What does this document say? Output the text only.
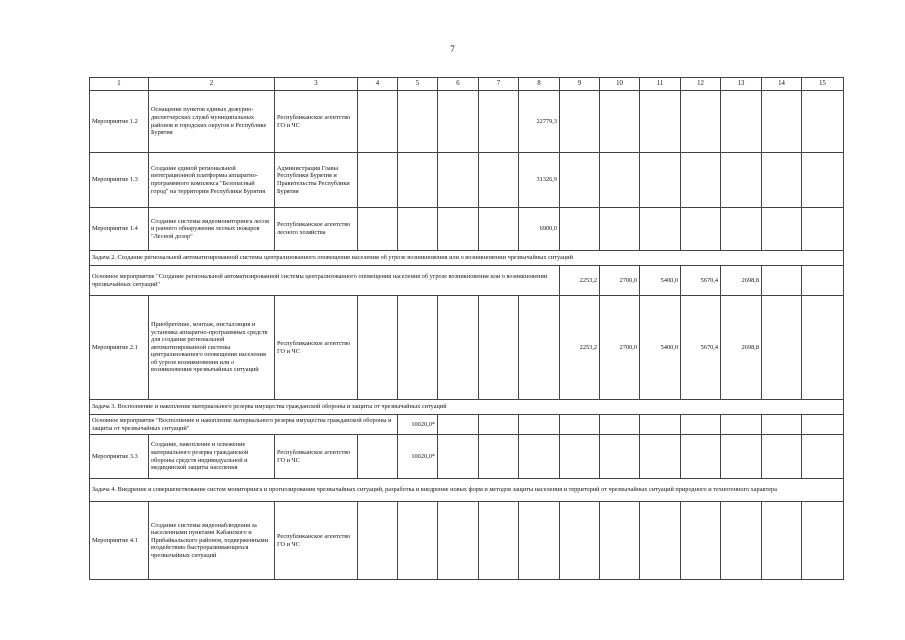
7
1	2	3	4	5	6	7	8	9	10	11	12	13	14	15
Мероприятие 1.2	Оснащение пунктов единых дежурно-диспетчерских служб муниципальных районов и городских округов в Республике Бурятия	Республиканское агентство ГО и ЧС					22779,3							
Мероприятие 1.3	Создание единой региональной интеграционной платформы аппаратно-программного комплекса "Безопасный город" на территории Республики Бурятия	Администрация Главы Республики Бурятия и Правительства Республики Бурятия					31326,9							
Мероприятие 1.4	Создание системы видеомониторинга лесов и раннего обнаружения лесных пожаров "Лесной дозор"	Республиканское агентство лесного хозяйства					6900,0							
Задача 2. Создание региональной автоматизированной системы централизованного оповещения населения об угрозе возникновения или о возникновении чрезвычайных ситуаций														
Основное мероприятие "Создание региональной автоматизированной системы централизованного оповещения населения об угрозе возникновения или о возникновении чрезвычайных ситуаций"								2253,2	2700,0	5400,0	5670,4	2698,8		
Мероприятие 2.1	Приобретение, монтаж, инсталляция и установка аппаратно-программных средств для создания региональной автоматизированной системы централизованного оповещения населения об угрозе возникновения или о возникновении чрезвычайных ситуаций	Республиканское агентство ГО и ЧС						2253,2	2700,0	5400,0	5670,4	2698,8		
Задача 3. Восполнение и накопление материального резерва имущества гражданской обороны и защиты от чрезвычайных ситуаций														
Основное мероприятие "Восполнение и накопление материального резерва имущества гражданской обороны и защиты от чрезвычайных ситуаций"				10020,0*										
Мероприятие 3.3	Создание, накопление и освежение материального резерва гражданской обороны средств индивидуальной и медицинской защиты населения	Республиканское агентство ГО и ЧС		10020,0*										
Задача 4. Внедрение и совершенствование систем мониторинга и прогнозирования чрезвычайных ситуаций, разработка и внедрение новых форм и методов защиты населения и территорий от чрезвычайных ситуаций природного и техногенного характера														
Мероприятие 4.1	Создание системы видеонаблюдения за населенными пунктами Кабанского и Прибайкальского районов, подверженными воздействию быстроразвивающихся чрезвычайных ситуаций	Республиканское агентство ГО и ЧС												
